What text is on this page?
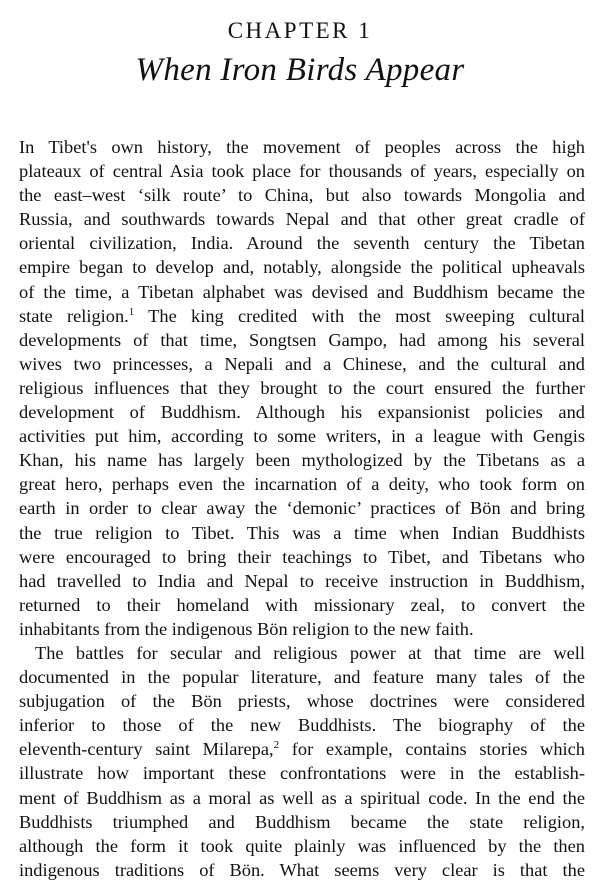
CHAPTER 1
When Iron Birds Appear
In Tibet's own history, the movement of peoples across the high
plateaux of central Asia took place for thousands of years, especially on
the east–west ‘silk route’ to China, but also towards Mongolia and
Russia, and southwards towards Nepal and that other great cradle of
oriental civilization, India. Around the seventh century the Tibetan
empire began to develop and, notably, alongside the political upheavals
of the time, a Tibetan alphabet was devised and Buddhism became the
state religion.$^1$ The king credited with the most sweeping cultural
developments of that time, Songtsen Gampo, had among his several
wives two princesses, a Nepali and a Chinese, and the cultural and
religious influences that they brought to the court ensured the further
development of Buddhism. Although his expansionist policies and
activities put him, according to some writers, in a league with Gengis
Khan, his name has largely been mythologized by the Tibetans as a
great hero, perhaps even the incarnation of a deity, who took form on
earth in order to clear away the ‘demonic’ practices of Bön and bring
the true religion to Tibet. This was a time when Indian Buddhists
were encouraged to bring their teachings to Tibet, and Tibetans who
had travelled to India and Nepal to receive instruction in Buddhism,
returned to their homeland with missionary zeal, to convert the
inhabitants from the indigenous Bön religion to the new faith.
The battles for secular and religious power at that time are well
documented in the popular literature, and feature many tales of the
subjugation of the Bön priests, whose doctrines were considered
inferior to those of the new Buddhists. The biography of the
eleventh-century saint Milarepa,$^2$ for example, contains stories which
illustrate how important these confrontations were in the establish-
ment of Buddhism as a moral as well as a spiritual code. In the end the
Buddhists triumphed and Buddhism became the state religion,
although the form it took quite plainly was influenced by the then
indigenous traditions of Bön. What seems very clear is that the
